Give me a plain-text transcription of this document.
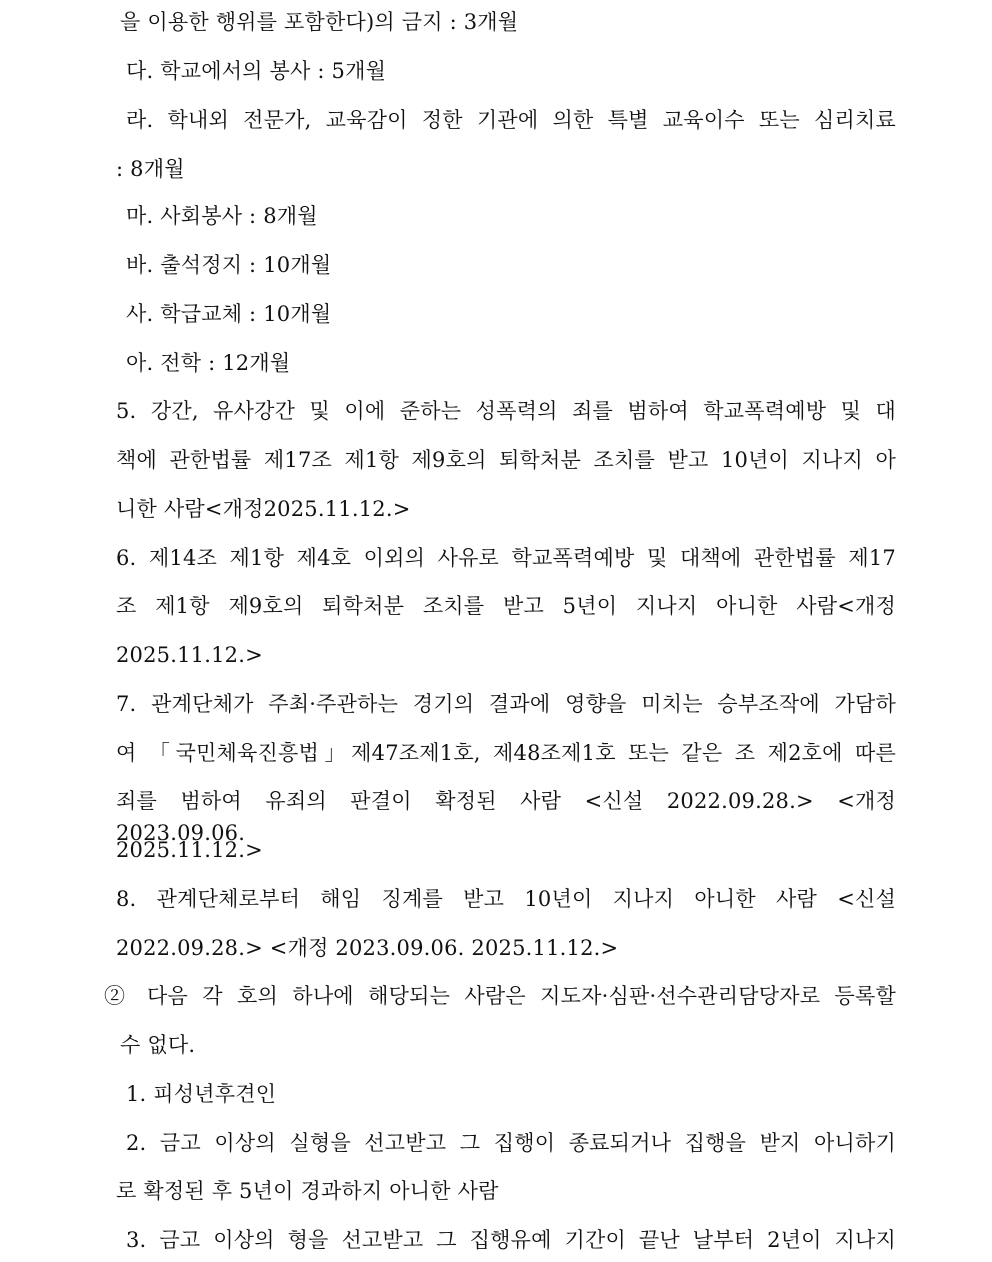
을 이용한 행위를 포함한다)의 금지 : 3개월
다. 학교에서의 봉사 : 5개월
라. 학내외 전문가, 교육감이 정한 기관에 의한 특별 교육이수 또는 심리치료
: 8개월
마. 사회봉사 : 8개월
바. 출석정지 : 10개월
사. 학급교체 : 10개월
아. 전학 : 12개월
5. 강간, 유사강간 및 이에 준하는 성폭력의 죄를 범하여 학교폭력예방 및 대
책에 관한법률 제17조 제1항 제9호의 퇴학처분 조치를 받고 10년이 지나지 아
니한 사람<개정2025.11.12.>
6. 제14조 제1항 제4호 이외의 사유로 학교폭력예방 및 대책에 관한법률 제17
조 제1항 제9호의 퇴학처분 조치를 받고 5년이 지나지 아니한 사람<개정
2025.11.12.>
7. 관계단체가 주최·주관하는 경기의 결과에 영향을 미치는 승부조작에 가담하
여 「국민체육진흥법」제47조제1호, 제48조제1호 또는 같은 조 제2호에 따른
죄를 범하여 유죄의 판결이 확정된 사람 <신설 2022.09.28.> <개정 2023.09.06.
2025.11.12.>
8. 관계단체로부터 해임 징계를 받고 10년이 지나지 아니한 사람 <신설
2022.09.28.> <개정 2023.09.06. 2025.11.12.>
② 다음 각 호의 하나에 해당되는 사람은 지도자·심판·선수관리담당자로 등록할
수 없다.
1. 피성년후견인
2. 금고 이상의 실형을 선고받고 그 집행이 종료되거나 집행을 받지 아니하기
로 확정된 후 5년이 경과하지 아니한 사람
3. 금고 이상의 형을 선고받고 그 집행유예 기간이 끝난 날부터 2년이 지나지
